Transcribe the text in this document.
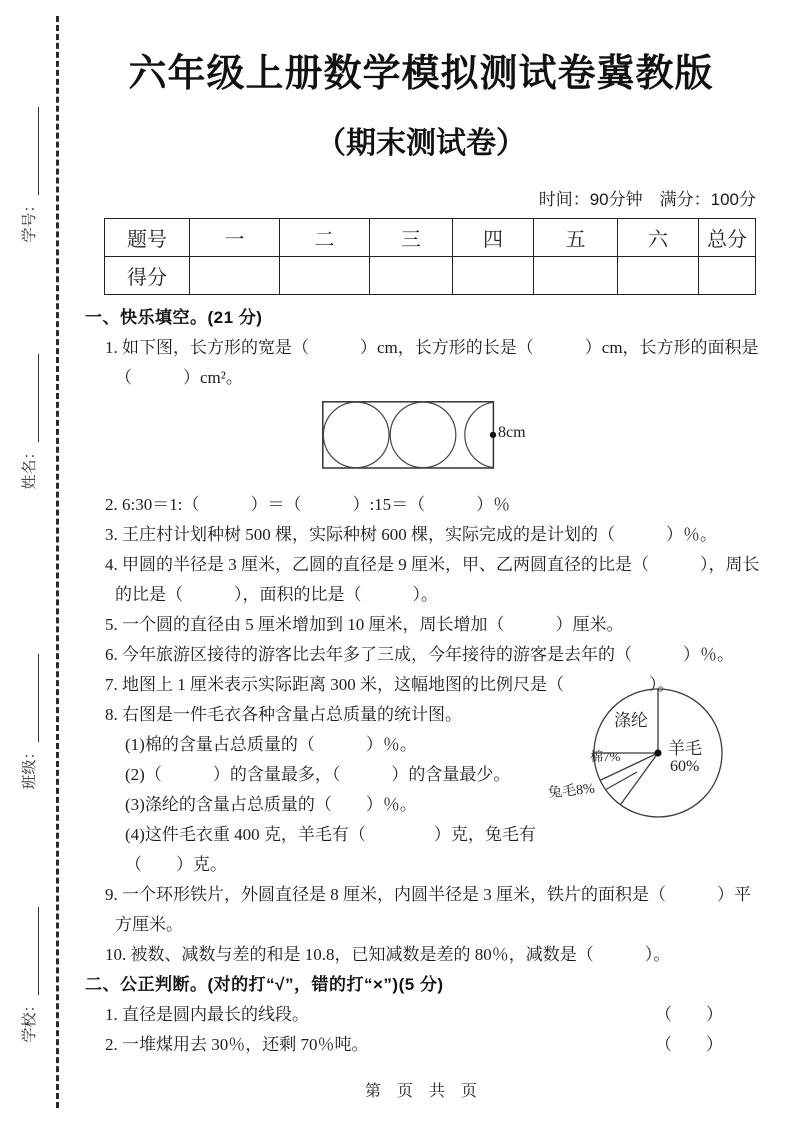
学号：
姓名：
班级：
学校：
六年级上册数学模拟测试卷冀教版
（期末测试卷）
时间：90分钟　满分：100分
题号	一	二	三	四	五	六	总分
得分							

一、快乐填空。(21 分)

1. 如下图，长方形的宽是（　　　）cm，长方形的长是（　　　）cm，长方形的面积是

（　　　）cm²。

8cm

2. 6:30＝1:（　　　）＝（　　　）:15＝（　　　）％

3. 王庄村计划种树 500 棵，实际种树 600 棵，实际完成的是计划的（　　　）％。

4. 甲圆的半径是 3 厘米，乙圆的直径是 9 厘米，甲、乙两圆直径的比是（　　　），周长

的比是（　　　），面积的比是（　　　）。

5. 一个圆的直径由 5 厘米增加到 10 厘米，周长增加（　　　）厘米。

6. 今年旅游区接待的游客比去年多了三成，今年接待的游客是去年的（　　　）％。

7. 地图上 1 厘米表示实际距离 300 米，这幅地图的比例尺是（　　　　　）。

8. 右图是一件毛衣各种含量占总质量的统计图。

(1)棉的含量占总质量的（　　　）％。

(2)（　　　）的含量最多，（　　　）的含量最少。

(3)涤纶的含量占总质量的（　　）％。

(4)这件毛衣重 400 克，羊毛有（　　　　）克，兔毛有

（　　）克。

涤纶
羊毛
60%
棉7%
兔毛8%

9. 一个环形铁片，外圆直径是 8 厘米，内圆半径是 3 厘米，铁片的面积是（　　　）平

方厘米。

10. 被数、减数与差的和是 10.8，已知减数是差的 80％，减数是（　　　）。

二、公正判断。(对的打“√”，错的打“×”)(5 分)

1. 直径是圆内最长的线段。	（　　）

2. 一堆煤用去 30％，还剩 70％吨。	（　　）

第　页　共　页
